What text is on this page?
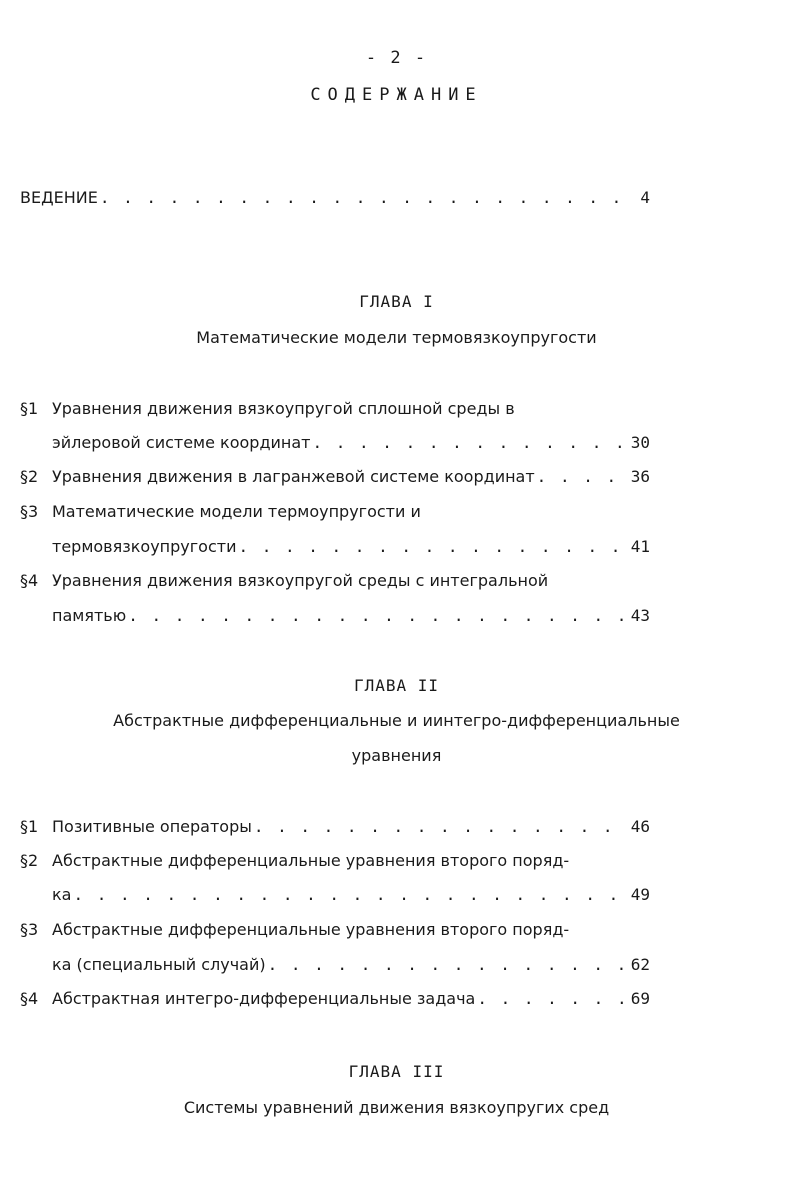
- 2 -
СОДЕРЖАНИЕ
ВЕДЕНИЕ . . .	4
ГЛАВА I
Математические модели термовязкоупругости
§1 Уравнения движения вязкоупругой сплошной среды в
эйлеровой системе координат . . .	30
§2 Уравнения движения в лагранжевой системе координат . . .	36
§3 Математические модели термоупругости и
термовязкоупругости . . .	41
§4 Уравнения движения вязкоупругой среды с интегральной
памятью . . .	43
ГЛАВА II
Абстрактные дифференциальные и иинтегро-дифференциальные
уравнения
§1 Позитивные операторы . . .	46
§2 Абстрактные дифференциальные уравнения второго поряд-
ка . . .	49
§3 Абстрактные дифференциальные уравнения второго поряд-
ка (специальный случай) . . .	62
§4 Абстрактная интегро-дифференциальные задача . . .	69
ГЛАВА III
Системы уравнений движения вязкоупругих сред
